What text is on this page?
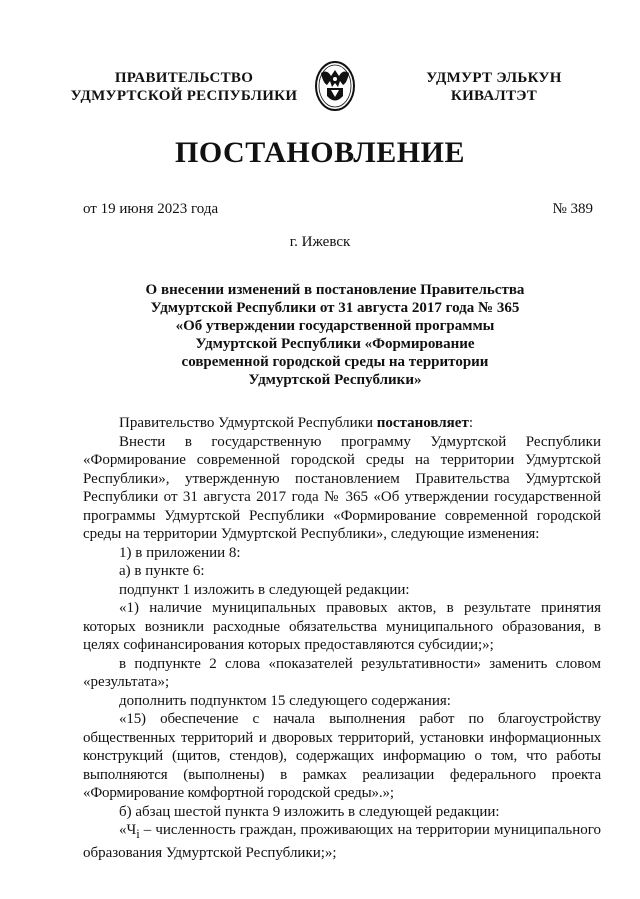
ПРАВИТЕЛЬСТВО
УДМУРТСКОЙ РЕСПУБЛИКИ
УДМУРТ ЭЛЬКУН
КИВАЛТЭТ
ПОСТАНОВЛЕНИЕ
от 19 июня 2023 года	№ 389
г. Ижевск
О внесении изменений в постановление Правительства
Удмуртской Республики от 31 августа 2017 года № 365
«Об утверждении государственной программы
Удмуртской Республики «Формирование
современной городской среды на территории
Удмуртской Республики»

Правительство Удмуртской Республики постановляет:

Внести в государственную программу Удмуртской Республики «Формирование современной городской среды на территории Удмуртской Республики», утвержденную постановлением Правительства Удмуртской Республики от 31 августа 2017 года № 365 «Об утверждении государственной программы Удмуртской Республики «Формирование современной городской среды на территории Удмуртской Республики», следующие изменения:

1) в приложении 8:

а) в пункте 6:

подпункт 1 изложить в следующей редакции:

«1) наличие муниципальных правовых актов, в результате принятия которых возникли расходные обязательства муниципального образования, в целях софинансирования которых предоставляются субсидии;»;

в подпункте 2 слова «показателей результативности» заменить словом «результата»;

дополнить подпунктом 15 следующего содержания:

«15) обеспечение с начала выполнения работ по благоустройству общественных территорий и дворовых территорий, установки информационных конструкций (щитов, стендов), содержащих информацию о том, что работы выполняются (выполнены) в рамках реализации федерального проекта «Формирование комфортной городской среды».»;

б) абзац шестой пункта 9 изложить в следующей редакции:

«$Ч_i$ – численность граждан, проживающих на территории муниципального образования Удмуртской Республики;»;
